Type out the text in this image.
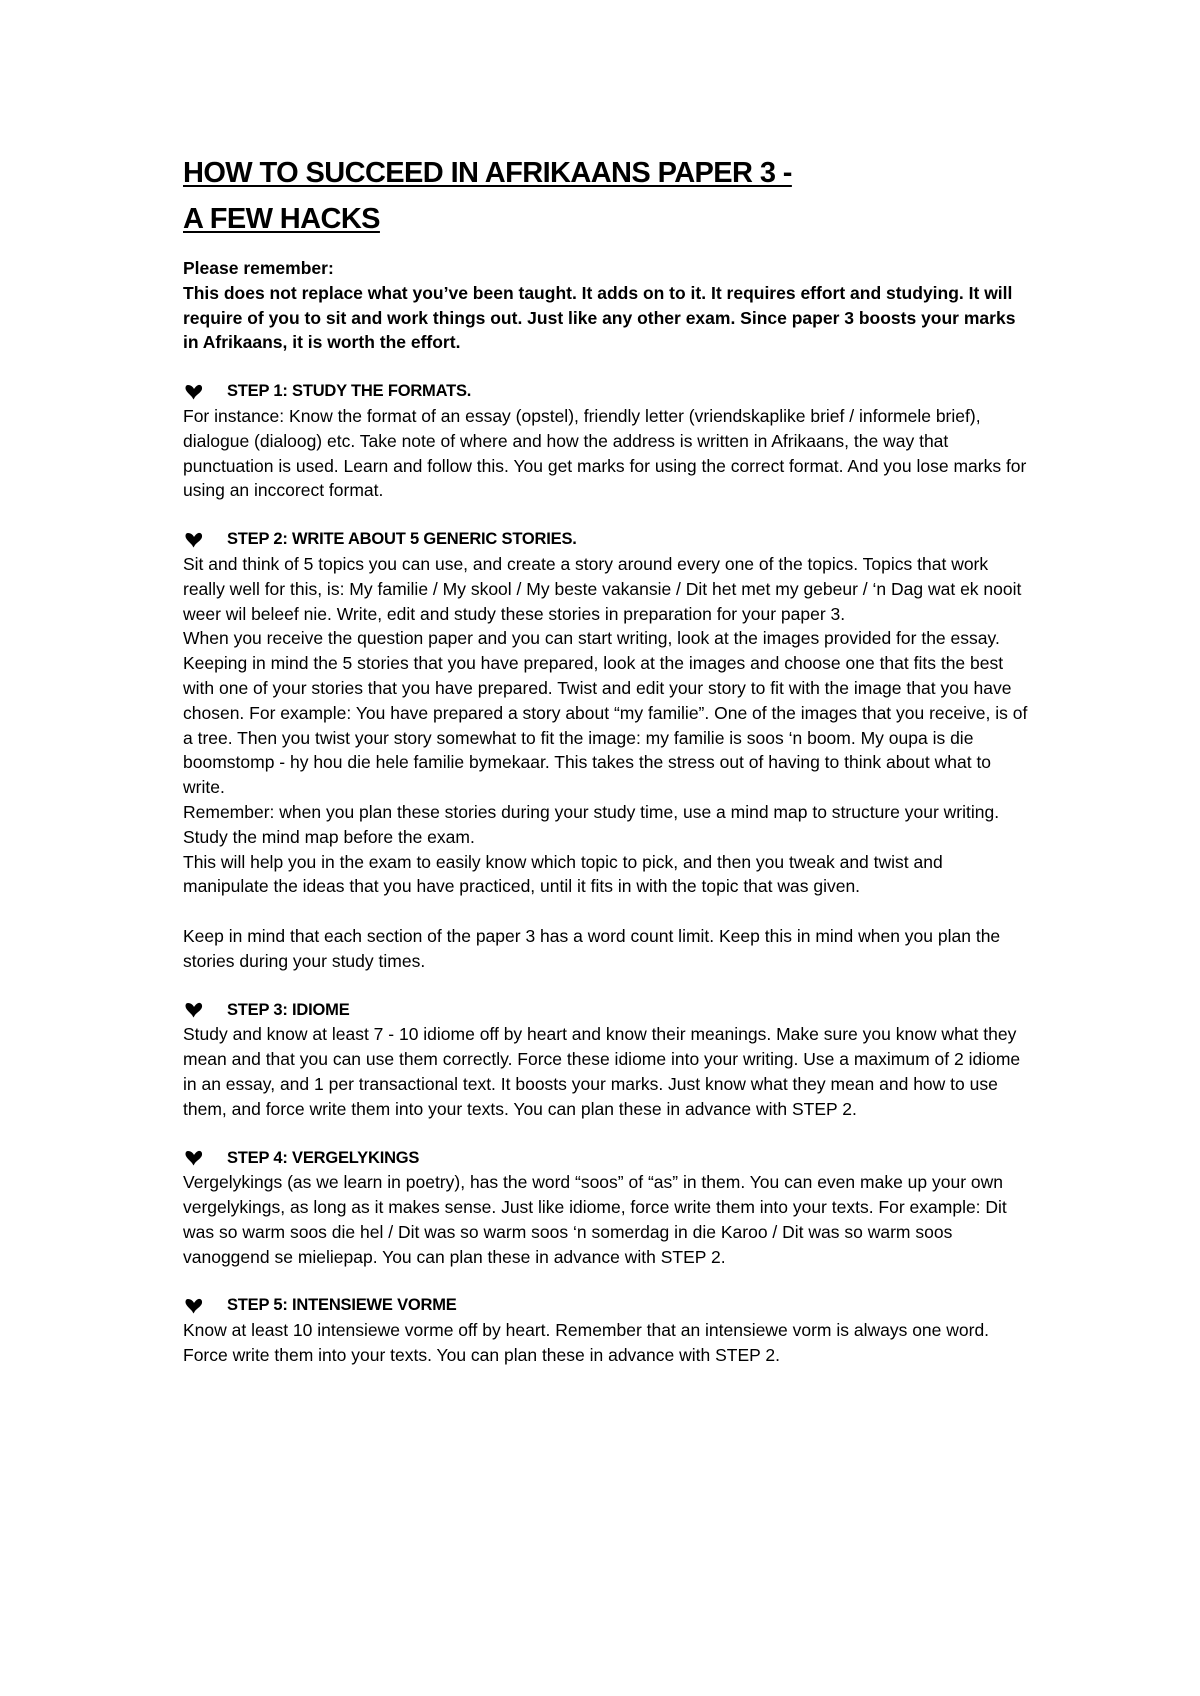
HOW TO SUCCEED IN AFRIKAANS PAPER 3 -
A FEW HACKS

Please remember:

This does not replace what you’ve been taught. It adds on to it. It requires effort and studying. It will require of you to sit and work things out. Just like any other exam. Since paper 3 boosts your marks in Afrikaans, it is worth the effort.

STEP 1: STUDY THE FORMATS.

For instance: Know the format of an essay (opstel), friendly letter (vriendskaplike brief / informele brief), dialogue (dialoog) etc. Take note of where and how the address is written in Afrikaans, the way that punctuation is used. Learn and follow this. You get marks for using the correct format. And you lose marks for using an inccorect format.

STEP 2: WRITE ABOUT 5 GENERIC STORIES.

Sit and think of 5 topics you can use, and create a story around every one of the topics. Topics that work really well for this, is: My familie / My skool / My beste vakansie / Dit het met my gebeur / ‘n Dag wat ek nooit weer wil beleef nie. Write, edit and study these stories in preparation for your paper 3.

When you receive the question paper and you can start writing, look at the images provided for the essay. Keeping in mind the 5 stories that you have prepared, look at the images and choose one that fits the best with one of your stories that you have prepared. Twist and edit your story to fit with the image that you have chosen. For example: You have prepared a story about “my familie”. One of the images that you receive, is of a tree. Then you twist your story somewhat to fit the image: my familie is soos ‘n boom. My oupa is die boomstomp - hy hou die hele familie bymekaar. This takes the stress out of having to think about what to write.

Remember: when you plan these stories during your study time, use a mind map to structure your writing. Study the mind map before the exam.

This will help you in the exam to easily know which topic to pick, and then you tweak and twist and manipulate the ideas that you have practiced, until it fits in with the topic that was given.

Keep in mind that each section of the paper 3 has a word count limit. Keep this in mind when you plan the stories during your study times.

STEP 3: IDIOME

Study and know at least 7 - 10 idiome off by heart and know their meanings. Make sure you know what they mean and that you can use them correctly. Force these idiome into your writing. Use a maximum of 2 idiome in an essay, and 1 per transactional text. It boosts your marks. Just know what they mean and how to use them, and force write them into your texts. You can plan these in advance with STEP 2.

STEP 4: VERGELYKINGS

Vergelykings (as we learn in poetry), has the word “soos” of “as” in them. You can even make up your own vergelykings, as long as it makes sense. Just like idiome, force write them into your texts. For example: Dit was so warm soos die hel / Dit was so warm soos ‘n somerdag in die Karoo / Dit was so warm soos vanoggend se mieliepap. You can plan these in advance with STEP 2.

STEP 5: INTENSIEWE VORME

Know at least 10 intensiewe vorme off by heart. Remember that an intensiewe vorm is always one word. Force write them into your texts. You can plan these in advance with STEP 2.
